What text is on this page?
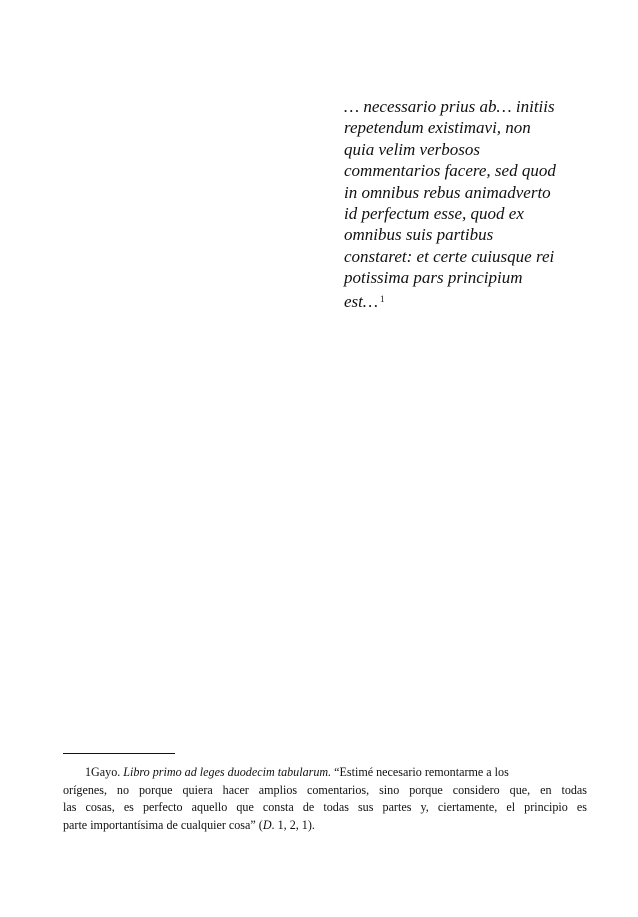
… necessario prius ab… initiis
repetendum existimavi, non
quia velim verbosos
commentarios facere, sed quod
in omnibus rebus animadverto
id perfectum esse, quod ex
omnibus suis partibus
constaret: et certe cuiusque rei
potissima pars principium
est… $^1$
1Gayo. Libro primo ad leges duodecim tabularum. “Estimé necesario remontarme a los
orígenes, no porque quiera hacer amplios comentarios, sino porque considero que, en todas
las cosas, es perfecto aquello que consta de todas sus partes y, ciertamente, el principio es
parte importantísima de cualquier cosa” (D. 1, 2, 1).
